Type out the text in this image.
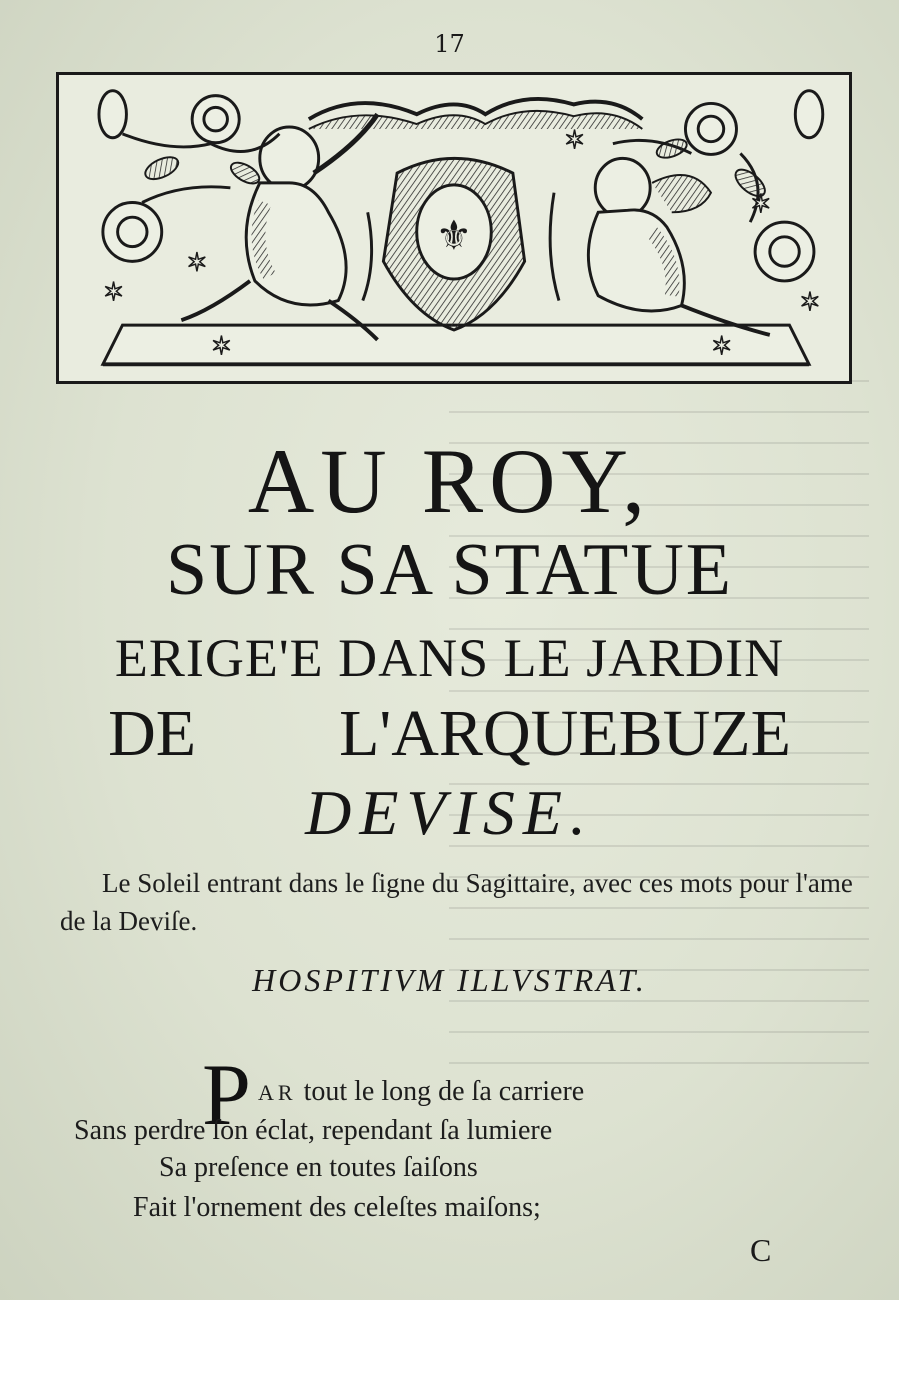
17
⚜
✶
✶
✶	✶
✶
✶
✶
AU ROY,
SUR SA STATUE
ERIGE'E DANS LE JARDIN
DE L'ARQUEBUZE
DEVISE.
Le Soleil entrant dans le ſigne du Sagittaire, avec ces mots pour l'ame de la Deviſe.
HOSPITIVM ILLVSTRAT.
P AR tout le long de ſa carriere
Sans perdre ſon éclat, rependant ſa lumiere
Sa preſence en toutes ſaiſons
Fait l'ornement des celeſtes maiſons;
C
